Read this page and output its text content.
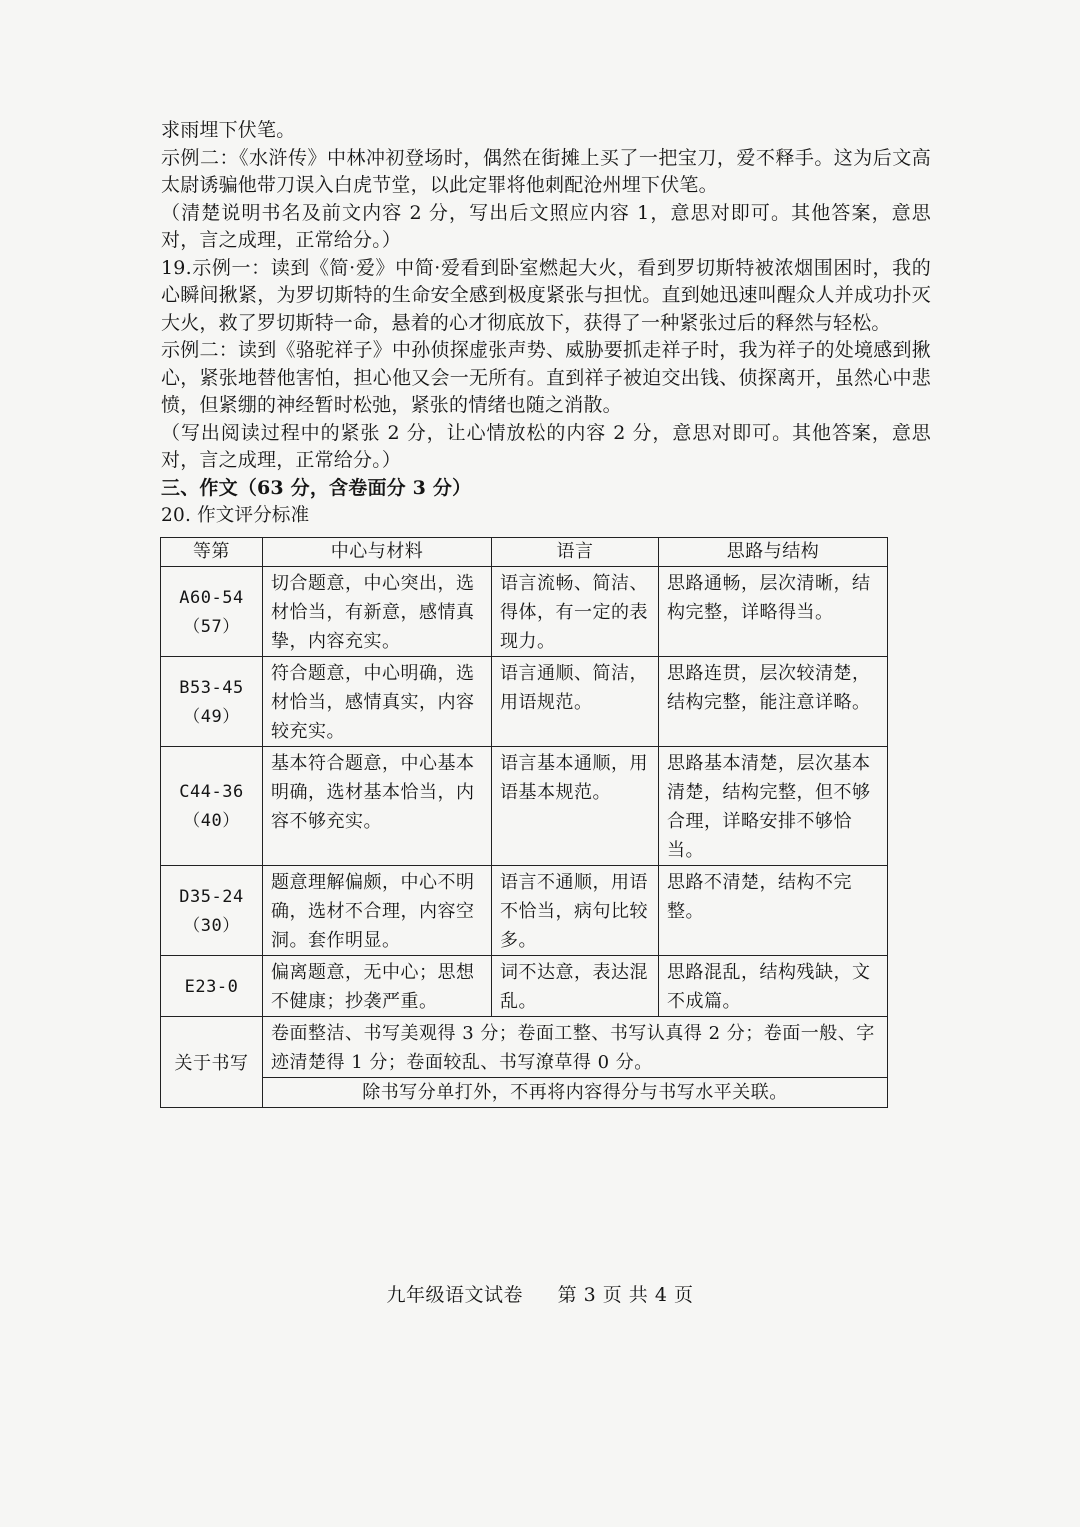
求雨埋下伏笔。

示例二：《水浒传》中林冲初登场时，偶然在街摊上买了一把宝刀，爱不释手。这为后文高太尉诱骗他带刀误入白虎节堂，以此定罪将他刺配沧州埋下伏笔。

（清楚说明书名及前文内容 2 分，写出后文照应内容 1，意思对即可。其他答案，意思对，言之成理，正常给分。）

19.示例一：读到《简·爱》中简·爱看到卧室燃起大火，看到罗切斯特被浓烟围困时，我的心瞬间揪紧，为罗切斯特的生命安全感到极度紧张与担忧。直到她迅速叫醒众人并成功扑灭大火，救了罗切斯特一命，悬着的心才彻底放下，获得了一种紧张过后的释然与轻松。

示例二：读到《骆驼祥子》中孙侦探虚张声势、威胁要抓走祥子时，我为祥子的处境感到揪心，紧张地替他害怕，担心他又会一无所有。直到祥子被迫交出钱、侦探离开，虽然心中悲愤，但紧绷的神经暂时松弛，紧张的情绪也随之消散。

（写出阅读过程中的紧张 2 分，让心情放松的内容 2 分，意思对即可。其他答案，意思对，言之成理，正常给分。）

三、作文（63 分，含卷面分 3 分）

20. 作文评分标准

等第	中心与材料	语言	思路与结构

A60-54
（57）	切合题意，中心突出，选材恰当，有新意，感情真挚，内容充实。	语言流畅、简洁、得体，有一定的表现力。	思路通畅，层次清晰，结构完整，详略得当。

B53-45
（49）	符合题意，中心明确，选材恰当，感情真实，内容较充实。	语言通顺、简洁，用语规范。	思路连贯，层次较清楚，结构完整，能注意详略。

C44-36
（40）	基本符合题意，中心基本明确，选材基本恰当，内容不够充实。	语言基本通顺，用语基本规范。	思路基本清楚，层次基本清楚，结构完整，但不够合理，详略安排不够恰当。

D35-24
（30）	题意理解偏颇，中心不明确，选材不合理，内容空洞。套作明显。	语言不通顺，用语不恰当，病句比较多。	思路不清楚，结构不完整。

E23-0	偏离题意，无中心；思想不健康；抄袭严重。	词不达意，表达混乱。	思路混乱，结构残缺，文不成篇。
关于书写	卷面整洁、书写美观得 3 分；卷面工整、书写认真得 2 分；卷面一般、字迹清楚得 1 分；卷面较乱、书写潦草得 0 分。		
	除书写分单打外，不再将内容得分与书写水平关联。		
九年级语文试卷 第 3 页 共 4 页
